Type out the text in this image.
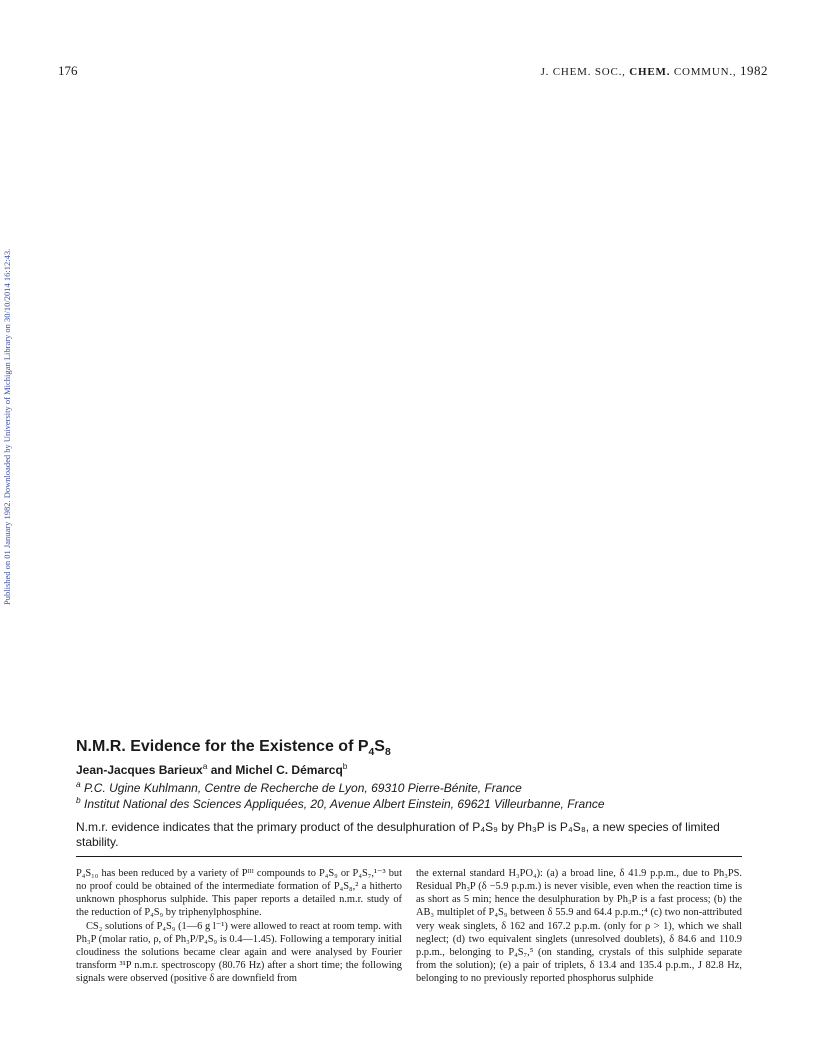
176	J. CHEM. SOC., CHEM. COMMUN., 1982
Published on 01 January 1982. Downloaded by University of Michigan Library on 30/10/2014 16:12:43.
N.M.R. Evidence for the Existence of $P_4S_8$
Jean-Jacques Barieux$^a$ and Michel C. Démarcq$^b$
$^a$ P.C. Ugine Kuhlmann, Centre de Recherche de Lyon, 69310 Pierre-Bénite, France
$^b$ Institut National des Sciences Appliquées, 20, Avenue Albert Einstein, 69621 Villeurbanne, France
N.m.r. evidence indicates that the primary product of the desulphuration of P₄S₉ by Ph₃P is P₄S₈, a new species of limited stability.

P₄S₁₀ has been reduced by a variety of Pᴵᴵᴵ compounds to P₄S₉ or P₄S₇,¹⁻³ but no proof could be obtained of the intermediate formation of P₄S₈,² a hitherto unknown phosphorus sulphide. This paper reports a detailed n.m.r. study of the reduction of P₄S₉ by triphenylphosphine.

CS₂ solutions of P₄S₉ (1—6 g l⁻¹) were allowed to react at room temp. with Ph₃P (molar ratio, ρ, of Ph₃P/P₄S₉ is 0.4—1.45). Following a temporary initial cloudiness the solutions became clear again and were analysed by Fourier transform ³¹P n.m.r. spectroscopy (80.76 Hz) after a short time; the following signals were observed (positive δ are downfield from

the external standard H₃PO₄): (a) a broad line, δ 41.9 p.p.m., due to Ph₃PS. Residual Ph₃P (δ −5.9 p.p.m.) is never visible, even when the reaction time is as short as 5 min; hence the desulphuration by Ph₃P is a fast process; (b) the AB₃ multiplet of P₄S₉ between δ 55.9 and 64.4 p.p.m.;⁴ (c) two non-attributed very weak singlets, δ 162 and 167.2 p.p.m. (only for ρ > 1), which we shall neglect; (d) two equivalent singlets (unresolved doublets), δ 84.6 and 110.9 p.p.m., belonging to P₄S₇,⁵ (on standing, crystals of this sulphide separate from the solution); (e) a pair of triplets, δ 13.4 and 135.4 p.p.m., J 82.8 Hz, belonging to no previously reported phosphorus sulphide
